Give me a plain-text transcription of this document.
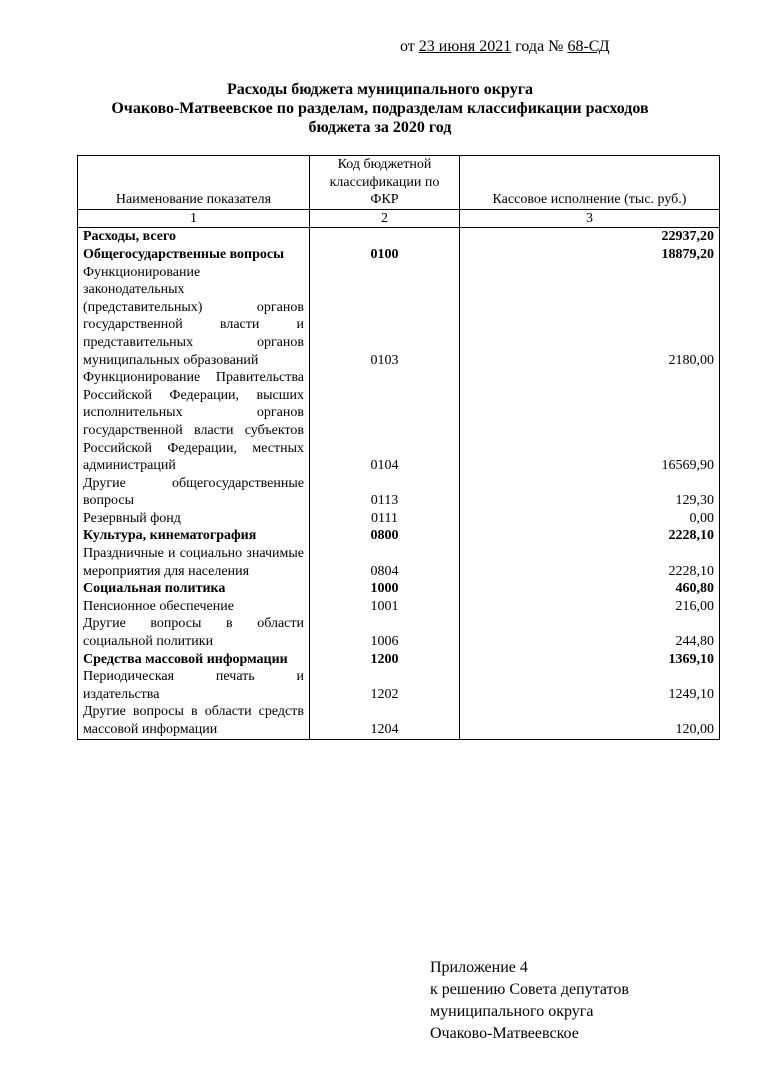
от 23 июня 2021 года № 68-СД
Расходы бюджета муниципального округа
Очаково-Матвеевское по разделам, подразделам классификации расходов
бюджета за 2020 год
Наименование показателя	Код бюджетной классификации по ФКР	Кассовое исполнение (тыс. руб.)
1	2	3
Расходы, всего		22937,20
Общегосударственные вопросы	0100	18879,20
Функционирование законодательных (представительных) органов государственной власти и представительных органов муниципальных образований	0103	2180,00
Функционирование Правительства Российской Федерации, высших исполнительных органов государственной власти субъектов Российской Федерации, местных администраций	0104	16569,90
Другие общегосударственные вопросы	0113	129,30
Резервный фонд	0111	0,00
Культура, кинематография	0800	2228,10
Праздничные и социально значимые мероприятия для населения	0804	2228,10
Социальная политика	1000	460,80
Пенсионное обеспечение	1001	216,00
Другие вопросы в области социальной политики	1006	244,80
Средства массовой информации	1200	1369,10
Периодическая печать и издательства	1202	1249,10
Другие вопросы в области средств массовой информации	1204	120,00
Приложение 4
к решению Совета депутатов
муниципального округа
Очаково-Матвеевское
